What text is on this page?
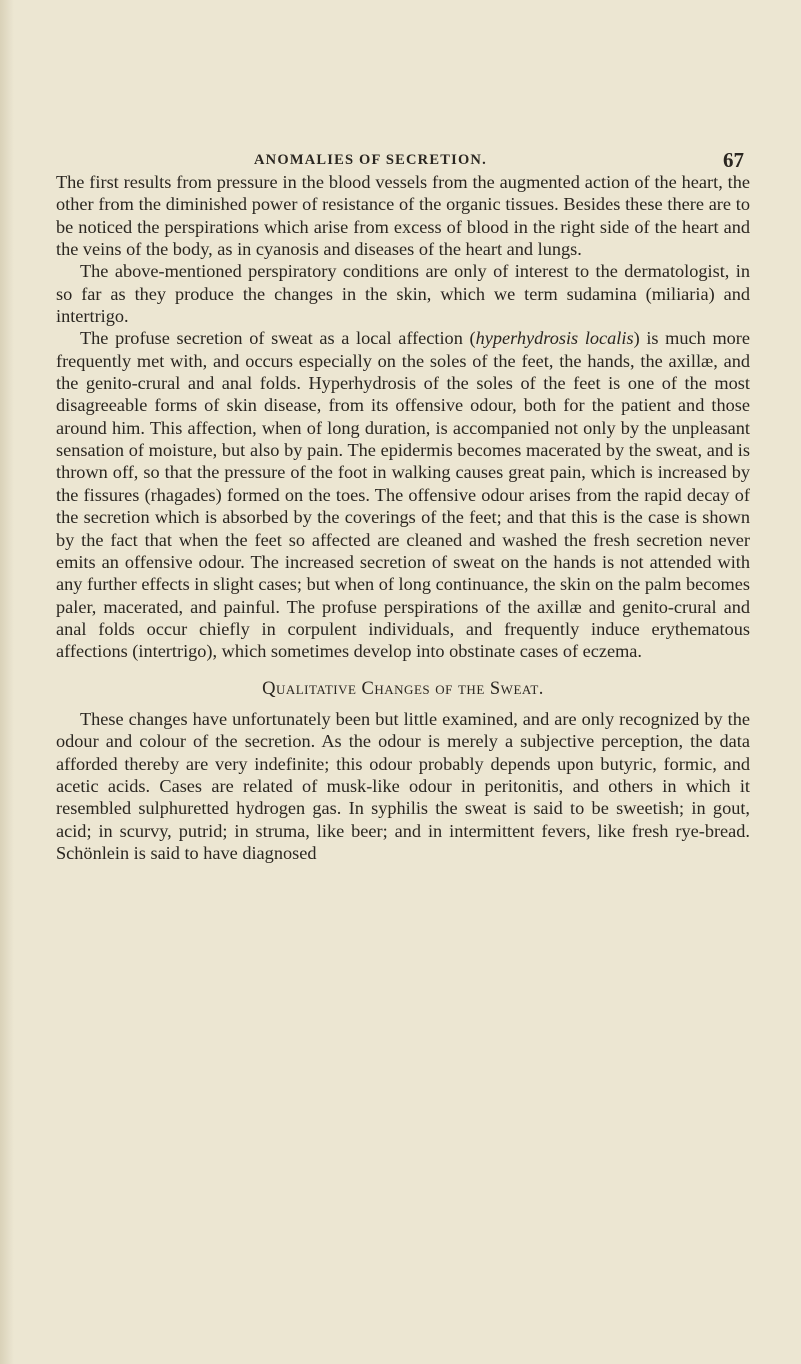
ANOMALIES OF SECRETION.	67

The first results from pressure in the blood vessels from the augmented action of the heart, the other from the diminished power of resistance of the organic tissues. Besides these there are to be noticed the perspirations which arise from excess of blood in the right side of the heart and the veins of the body, as in cyanosis and diseases of the heart and lungs.

The above-mentioned perspiratory conditions are only of interest to the dermatologist, in so far as they produce the changes in the skin, which we term sudamina (miliaria) and intertrigo.

The profuse secretion of sweat as a local affection (hyperhydrosis localis) is much more frequently met with, and occurs especially on the soles of the feet, the hands, the axillæ, and the genito-crural and anal folds. Hyperhydrosis of the soles of the feet is one of the most disagreeable forms of skin disease, from its offensive odour, both for the patient and those around him. This affection, when of long duration, is accompanied not only by the unpleasant sensation of moisture, but also by pain. The epidermis becomes macerated by the sweat, and is thrown off, so that the pressure of the foot in walking causes great pain, which is increased by the fissures (rhagades) formed on the toes. The offensive odour arises from the rapid decay of the secretion which is absorbed by the coverings of the feet; and that this is the case is shown by the fact that when the feet so affected are cleaned and washed the fresh secretion never emits an offensive odour. The increased secretion of sweat on the hands is not attended with any further effects in slight cases; but when of long continuance, the skin on the palm becomes paler, macerated, and painful. The profuse perspirations of the axillæ and genito-crural and anal folds occur chiefly in corpulent individuals, and frequently induce erythematous affections (intertrigo), which sometimes develop into obstinate cases of eczema.

Qualitative Changes of the Sweat.

These changes have unfortunately been but little examined, and are only recognized by the odour and colour of the secretion. As the odour is merely a subjective perception, the data afforded thereby are very indefinite; this odour probably depends upon butyric, formic, and acetic acids. Cases are related of musk-like odour in peritonitis, and others in which it resembled sulphuretted hydrogen gas. In syphilis the sweat is said to be sweetish; in gout, acid; in scurvy, putrid; in struma, like beer; and in intermittent fevers, like fresh rye-bread. Schönlein is said to have diagnosed
